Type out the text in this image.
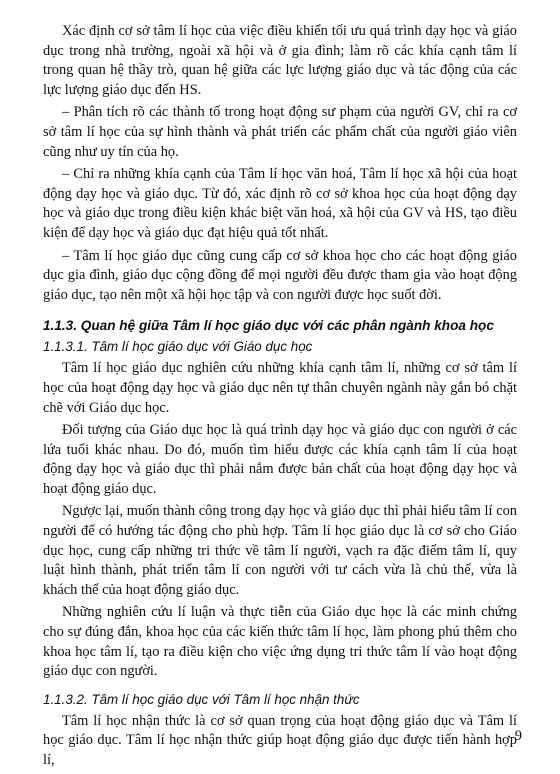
Xác định cơ sở tâm lí học của việc điều khiển tối ưu quá trình dạy học và giáo dục trong nhà trường, ngoài xã hội và ở gia đình; làm rõ các khía cạnh tâm lí trong quan hệ thầy trò, quan hệ giữa các lực lượng giáo dục và tác động của các lực lượng giáo dục đến HS.

– Phân tích rõ các thành tố trong hoạt động sư phạm của người GV, chỉ ra cơ sở tâm lí học của sự hình thành và phát triển các phẩm chất của người giáo viên cũng như uy tín của họ.

– Chỉ ra những khía cạnh của Tâm lí học văn hoá, Tâm lí học xã hội của hoạt động dạy học và giáo dục. Từ đó, xác định rõ cơ sở khoa học của hoạt động dạy học và giáo dục trong điều kiện khác biệt văn hoá, xã hội của GV và HS, tạo điều kiện để dạy học và giáo dục đạt hiệu quả tốt nhất.

– Tâm lí học giáo dục cũng cung cấp cơ sở khoa học cho các hoạt động giáo dục gia đình, giáo dục cộng đồng để mọi người đều được tham gia vào hoạt động giáo dục, tạo nên một xã hội học tập và con người được học suốt đời.

1.1.3. Quan hệ giữa Tâm lí học giáo dục với các phân ngành khoa học
1.1.3.1. Tâm lí học giáo dục với Giáo dục học

Tâm lí học giáo dục nghiên cứu những khía cạnh tâm lí, những cơ sở tâm lí học của hoạt động dạy học và giáo dục nên tự thân chuyên ngành này gắn bó chặt chẽ với Giáo dục học.

Đối tượng của Giáo dục học là quá trình dạy học và giáo dục con người ở các lứa tuổi khác nhau. Do đó, muốn tìm hiểu được các khía cạnh tâm lí của hoạt động dạy học và giáo dục thì phải nắm được bản chất của hoạt động dạy học và hoạt động giáo dục.

Ngược lại, muốn thành công trong dạy học và giáo dục thì phải hiểu tâm lí con người để có hướng tác động cho phù hợp. Tâm lí học giáo dục là cơ sở cho Giáo dục học, cung cấp những tri thức về tâm lí người, vạch ra đặc điểm tâm lí, quy luật hình thành, phát triển tâm lí con người với tư cách vừa là chủ thể, vừa là khách thể của hoạt động giáo dục.

Những nghiên cứu lí luận và thực tiễn của Giáo dục học là các minh chứng cho sự đúng đắn, khoa học của các kiến thức tâm lí học, làm phong phú thêm cho khoa học tâm lí, tạo ra điều kiện cho việc ứng dụng tri thức tâm lí vào hoạt động giáo dục con người.

1.1.3.2. Tâm lí học giáo dục với Tâm lí học nhận thức

Tâm lí học nhận thức là cơ sở quan trọng của hoạt động giáo dục và Tâm lí học giáo dục. Tâm lí học nhận thức giúp hoạt động giáo dục được tiến hành hợp lí,

9
